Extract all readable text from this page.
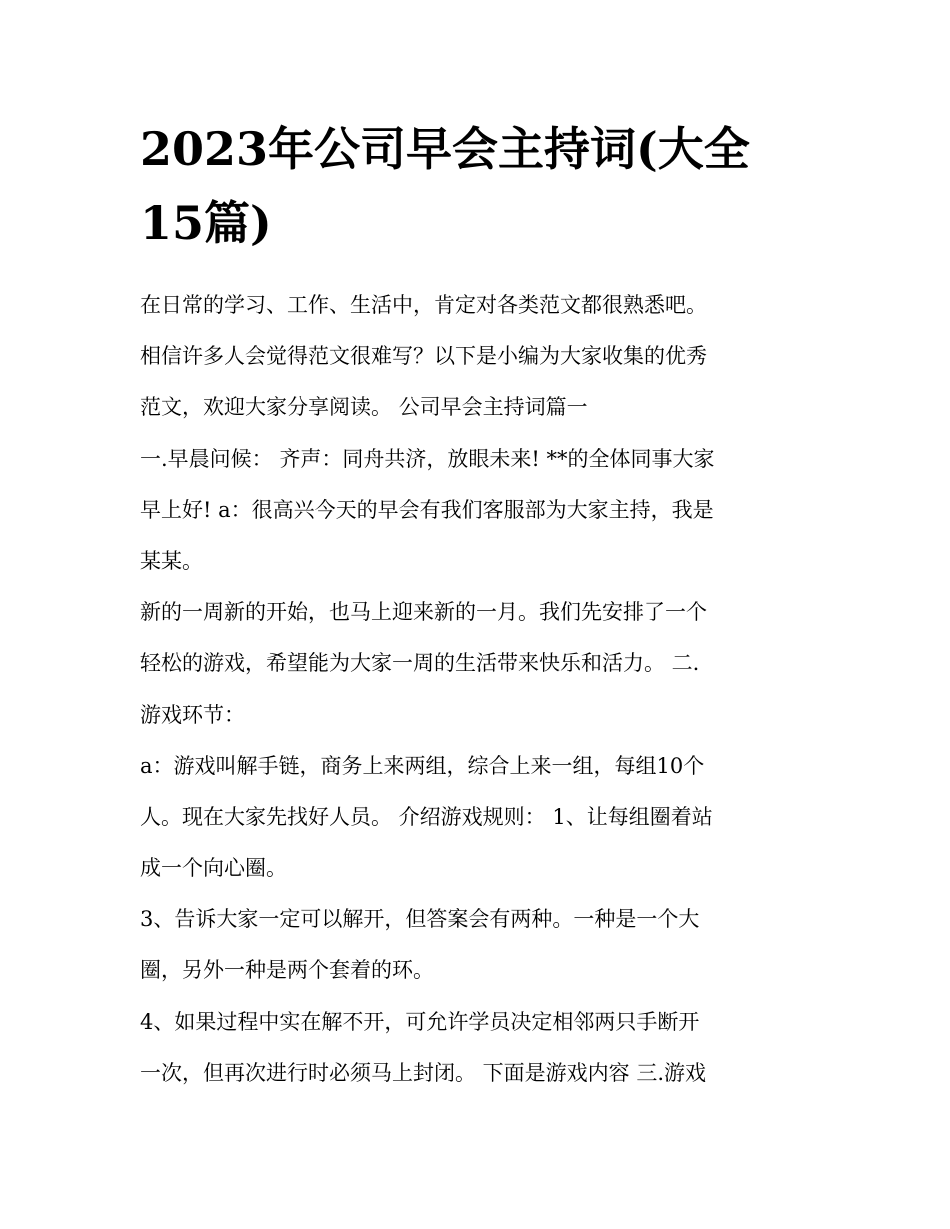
2023年公司早会主持词(大全
15篇)
在日常的学习、工作、生活中，肯定对各类范文都很熟悉吧。
相信许多人会觉得范文很难写？以下是小编为大家收集的优秀
范文，欢迎大家分享阅读。 公司早会主持词篇一
一.早晨问候： 齐声：同舟共济，放眼未来! **的全体同事大家
早上好! a：很高兴今天的早会有我们客服部为大家主持，我是
某某。
新的一周新的开始，也马上迎来新的一月。我们先安排了一个
轻松的游戏，希望能为大家一周的生活带来快乐和活力。 二.
游戏环节：
a：游戏叫解手链，商务上来两组，综合上来一组，每组10个
人。现在大家先找好人员。 介绍游戏规则： 1、让每组圈着站
成一个向心圈。
3、告诉大家一定可以解开，但答案会有两种。一种是一个大
圈，另外一种是两个套着的环。
4、如果过程中实在解不开，可允许学员决定相邻两只手断开
一次，但再次进行时必须马上封闭。 下面是游戏内容 三.游戏
